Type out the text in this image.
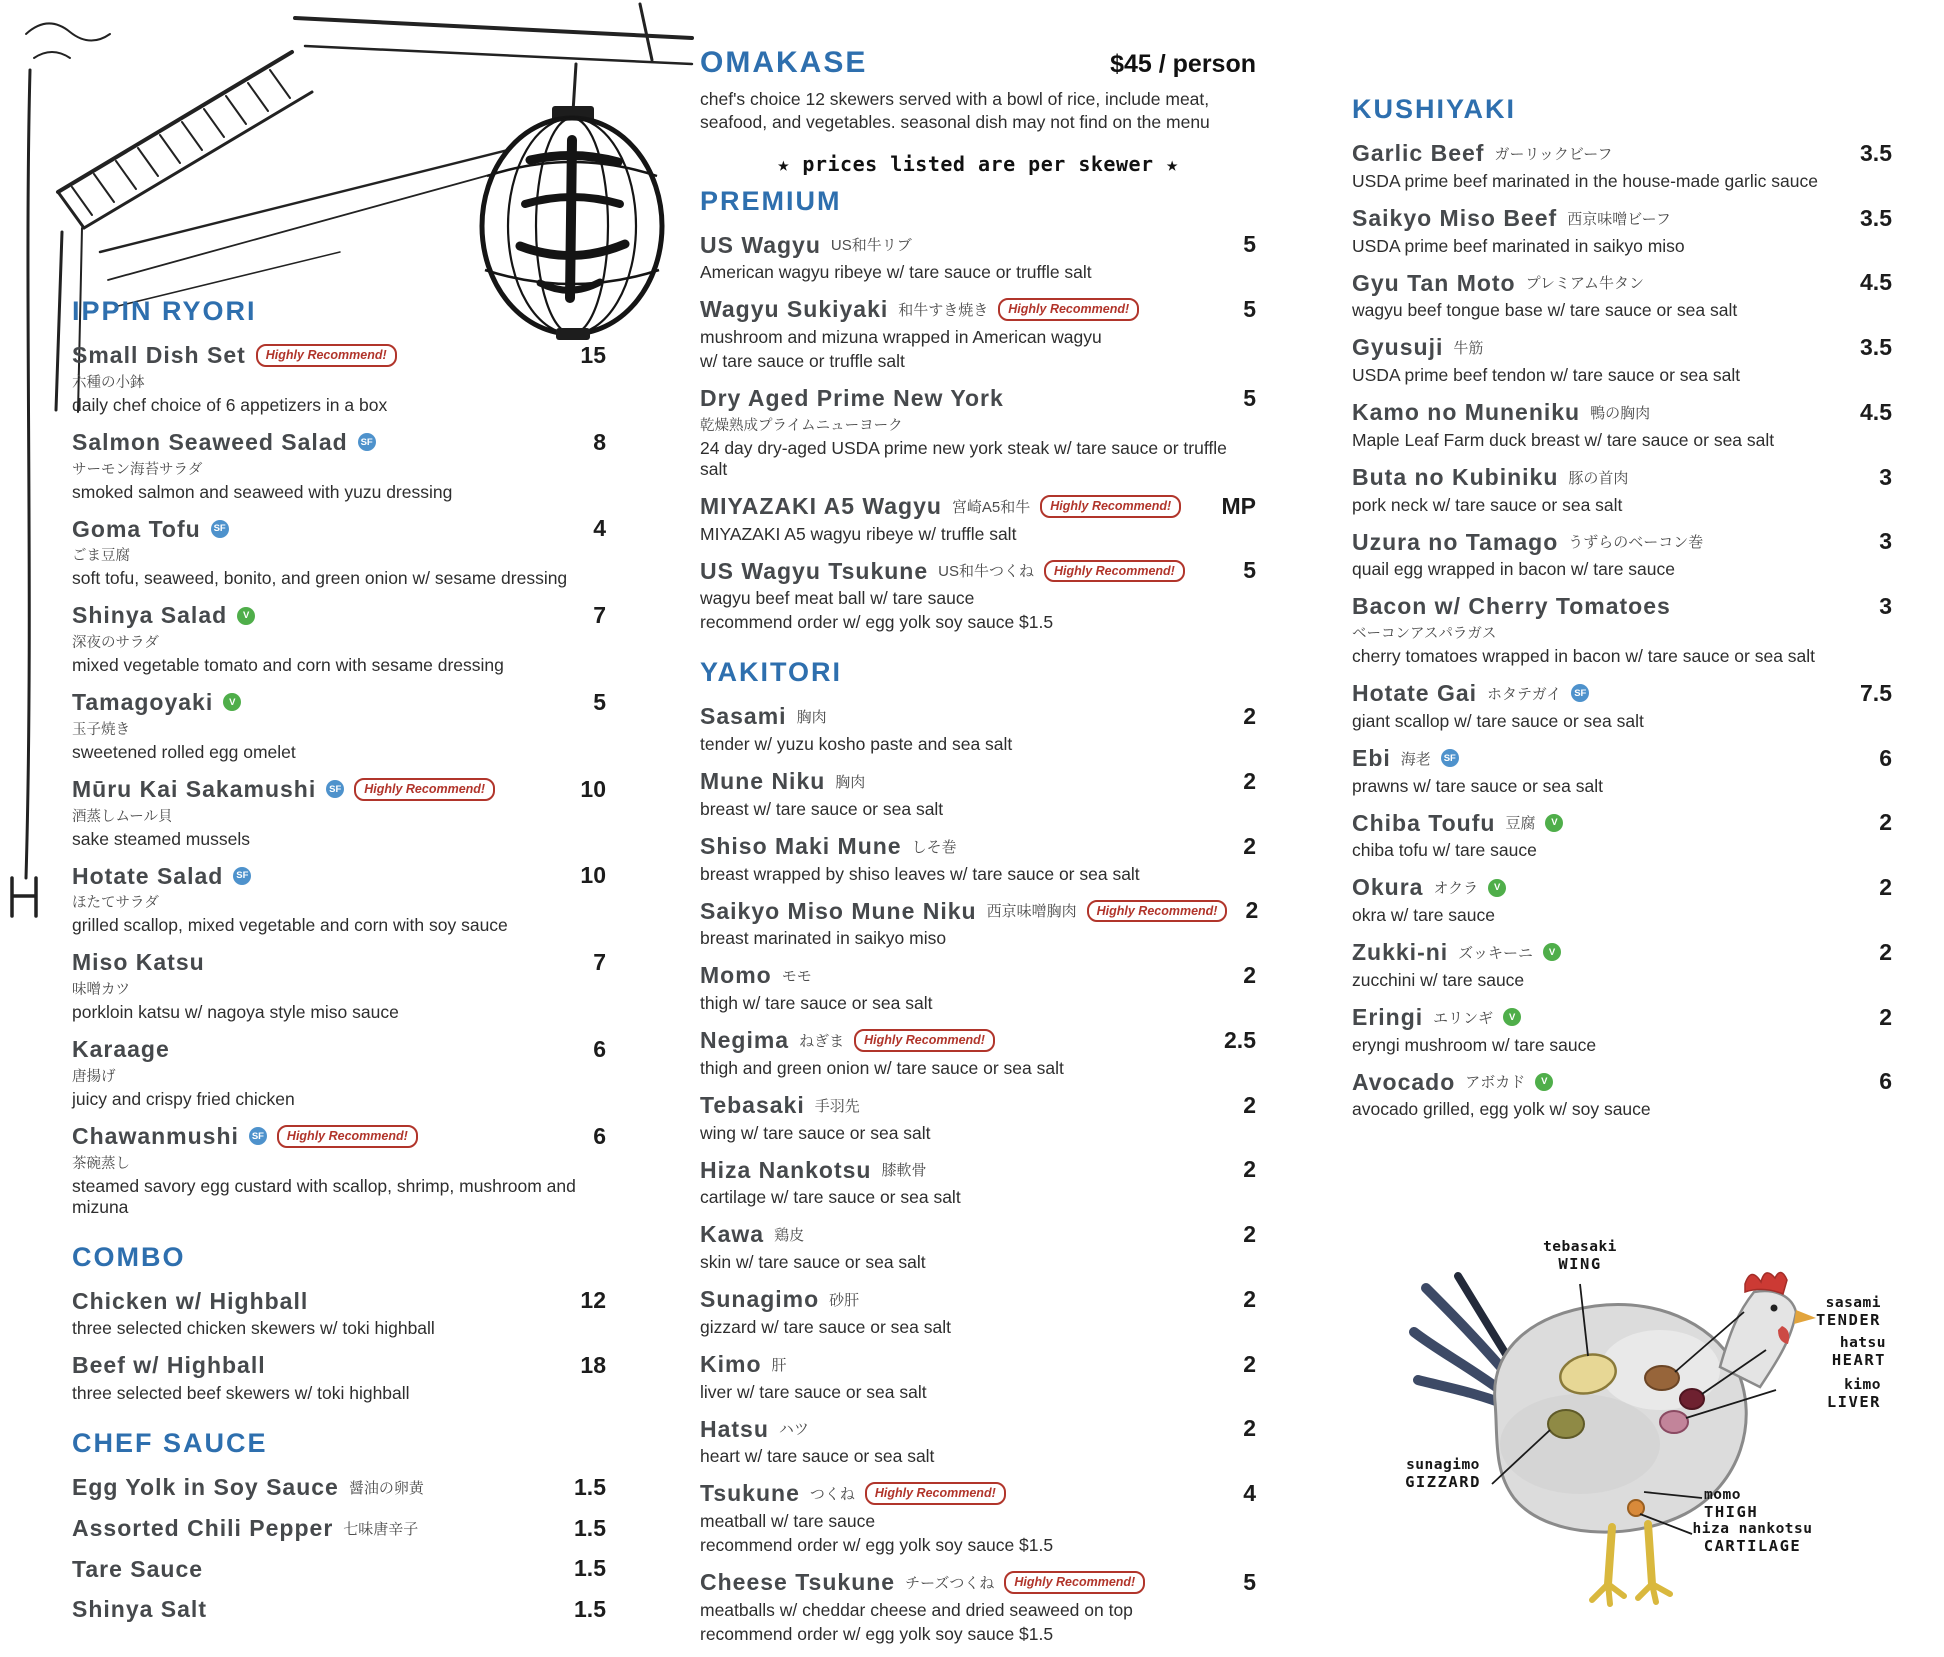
IPPIN RYORI
Small Dish Set	Highly Recommend!	15
六種の小鉢
daily chef choice of 6 appetizers in a box
Salmon Seaweed Salad	SF	8
サーモン海苔サラダ
smoked salmon and seaweed with yuzu dressing
Goma Tofu	SF	4
ごま豆腐
soft tofu, seaweed, bonito, and green onion w/ sesame dressing
Shinya Salad	V	7
深夜のサラダ
mixed vegetable tomato and corn with sesame dressing
Tamagoyaki	V	5
玉子焼き
sweetened rolled egg omelet
Mūru Kai Sakamushi	SF	Highly Recommend!	10
酒蒸しムール貝
sake steamed mussels
Hotate Salad	SF	10
ほたてサラダ
grilled scallop, mixed vegetable and corn with soy sauce
Miso Katsu	7
味噌カツ
porkloin katsu w/ nagoya style miso sauce
Karaage	6
唐揚げ
juicy and crispy fried chicken
Chawanmushi	SF	Highly Recommend!	6
茶碗蒸し
steamed savory egg custard with scallop, shrimp, mushroom and mizuna
COMBO
Chicken w/ Highball	12
three selected chicken skewers w/ toki highball
Beef w/ Highball	18
three selected beef skewers w/ toki highball
CHEF SAUCE
Egg Yolk in Soy Sauce 醤油の卵黄	1.5
Assorted Chili Pepper 七味唐辛子	1.5
Tare Sauce	1.5
Shinya Salt	1.5
OMAKASE	$45 / person
chef's choice 12 skewers served with a bowl of rice, include meat, seafood, and vegetables. seasonal dish may not find on the menu
★ prices listed are per skewer ★
PREMIUM
US Wagyu US和牛リブ	5
American wagyu ribeye w/ tare sauce or truffle salt
Wagyu Sukiyaki 和牛すき焼き	Highly Recommend!	5
mushroom and mizuna wrapped in American wagyu
w/ tare sauce or truffle salt
Dry Aged Prime New York	5
乾燥熟成プライムニューヨーク
24 day dry-aged USDA prime new york steak w/ tare sauce or truffle salt
MIYAZAKI A5 Wagyu 宮崎A5和牛	Highly Recommend!	MP
MIYAZAKI A5 wagyu ribeye w/ truffle salt
US Wagyu Tsukune US和牛つくね	Highly Recommend!	5
wagyu beef meat ball w/ tare sauce
recommend order w/ egg yolk soy sauce $1.5
YAKITORI
Sasami 胸肉	2
tender w/ yuzu kosho paste and sea salt
Mune Niku 胸肉	2
breast w/ tare sauce or sea salt
Shiso Maki Mune しそ巻	2
breast wrapped by shiso leaves w/ tare sauce or sea salt
Saikyo Miso Mune Niku 西京味噌胸肉	Highly Recommend!	2
breast marinated in saikyo miso
Momo モモ	2
thigh w/ tare sauce or sea salt
Negima ねぎま	Highly Recommend!	2.5
thigh and green onion w/ tare sauce or sea salt
Tebasaki 手羽先	2
wing w/ tare sauce or sea salt
Hiza Nankotsu 膝軟骨	2
cartilage w/ tare sauce or sea salt
Kawa 鶏皮	2
skin w/ tare sauce or sea salt
Sunagimo 砂肝	2
gizzard w/ tare sauce or sea salt
Kimo 肝	2
liver w/ tare sauce or sea salt
Hatsu ハツ	2
heart w/ tare sauce or sea salt
Tsukune つくね	Highly Recommend!	4
meatball w/ tare sauce
recommend order w/ egg yolk soy sauce $1.5
Cheese Tsukune チーズつくね	Highly Recommend!	5
meatballs w/ cheddar cheese and dried seaweed on top
recommend order w/ egg yolk soy sauce $1.5
KUSHIYAKI
Garlic Beef ガーリックビーフ	3.5
USDA prime beef marinated in the house-made garlic sauce
Saikyo Miso Beef 西京味噌ビーフ	3.5
USDA prime beef marinated in saikyo miso
Gyu Tan Moto プレミアム牛タン	4.5
wagyu beef tongue base w/ tare sauce or sea salt
Gyusuji 牛筋	3.5
USDA prime beef tendon w/ tare sauce or sea salt
Kamo no Muneniku 鴨の胸肉	4.5
Maple Leaf Farm duck breast w/ tare sauce or sea salt
Buta no Kubiniku 豚の首肉	3
pork neck w/ tare sauce or sea salt
Uzura no Tamago うずらのベーコン巻	3
quail egg wrapped in bacon w/ tare sauce
Bacon w/ Cherry Tomatoes	3
ベーコンアスパラガス
cherry tomatoes wrapped in bacon w/ tare sauce or sea salt
Hotate Gai ホタテガイ	SF	7.5
giant scallop w/ tare sauce or sea salt
Ebi 海老	SF	6
prawns w/ tare sauce or sea salt
Chiba Toufu 豆腐	V	2
chiba tofu w/ tare sauce
Okura オクラ	V	2
okra w/ tare sauce
Zukki-ni ズッキーニ	V	2
zucchini w/ tare sauce
Eringi エリンギ	V	2
eryngi mushroom w/ tare sauce
Avocado アボカド	V	6
avocado grilled, egg yolk w/ soy sauce
tebasaki
WING
sasami
TENDER
hatsu
HEART
kimo
LIVER
sunagimo
GIZZARD
momo
THIGH
hiza nankotsu
CARTILAGE
